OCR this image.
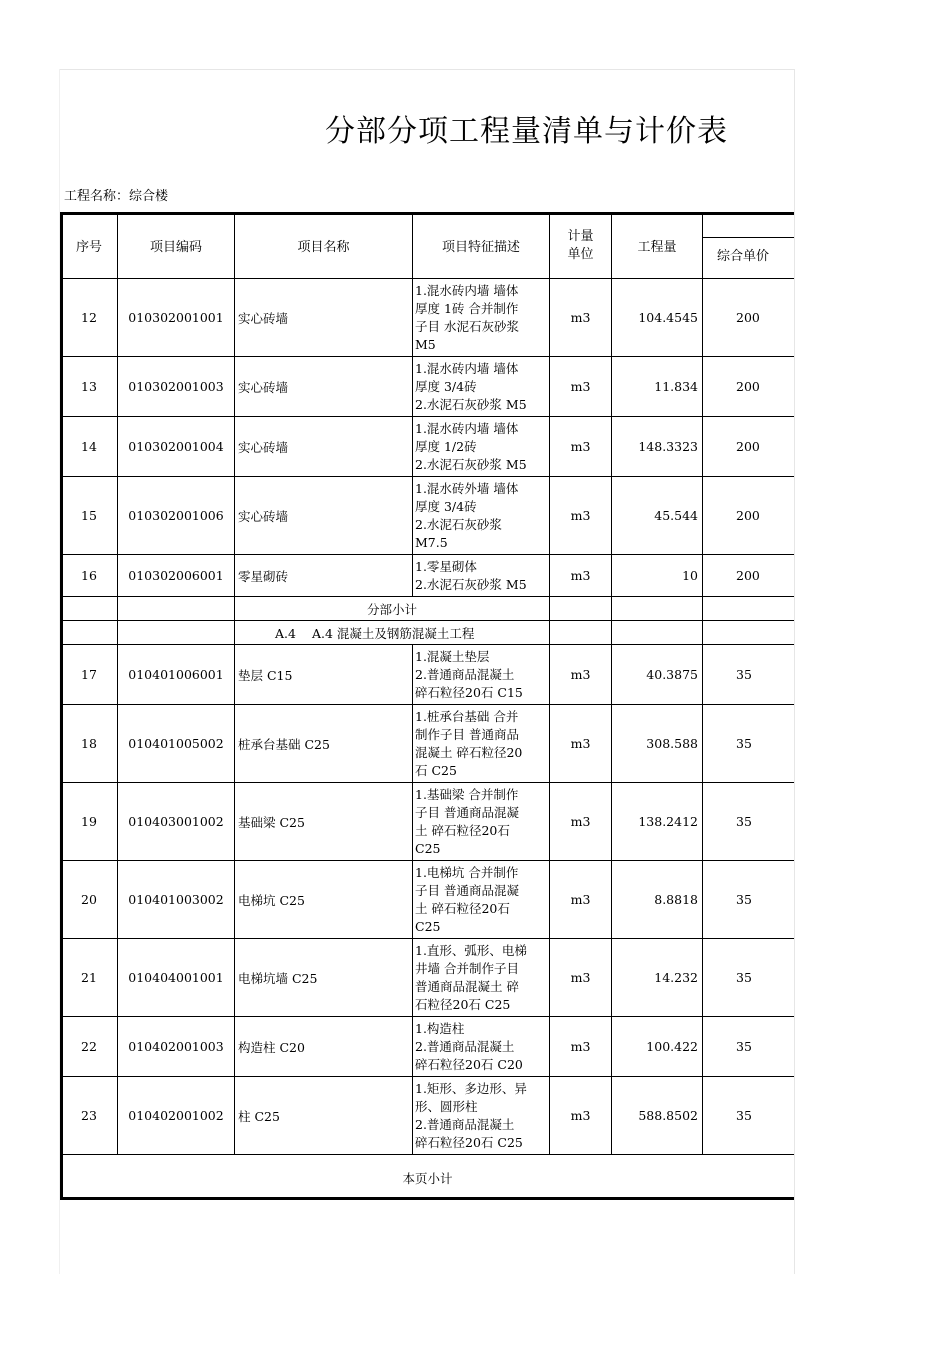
分部分项工程量清单与计价表
工程名称：综合楼
序号	项目编码	项目名称	项目特征描述	计量
单位	工程量	综合单价

12	010302001001	实心砖墙	1.混水砖内墙 墙体
厚度 1砖 合并制作
子目 水泥石灰砂浆
M5	m3	104.4545	200
13	010302001003	实心砖墙	1.混水砖内墙 墙体
厚度 3/4砖
2.水泥石灰砂浆 M5	m3	11.834	200
14	010302001004	实心砖墙	1.混水砖内墙 墙体
厚度 1/2砖
2.水泥石灰砂浆 M5	m3	148.3323	200
15	010302001006	实心砖墙	1.混水砖外墙 墙体
厚度 3/4砖
2.水泥石灰砂浆
M7.5	m3	45.544	200
16	010302006001	零星砌砖	1.零星砌体
2.水泥石灰砂浆 M5	m3	10	200
		分部小计				
		A.4 A.4 混凝土及钢筋混凝土工程				
17	010401006001	垫层 C15	1.混凝土垫层
2.普通商品混凝土
碎石粒径20石 C15	m3	40.3875	35
18	010401005002	桩承台基础 C25	1.桩承台基础 合并
制作子目 普通商品
混凝土 碎石粒径20
石 C25	m3	308.588	35
19	010403001002	基础梁 C25	1.基础梁 合并制作
子目 普通商品混凝
土 碎石粒径20石
C25	m3	138.2412	35
20	010401003002	电梯坑 C25	1.电梯坑 合并制作
子目 普通商品混凝
土 碎石粒径20石
C25	m3	8.8818	35
21	010404001001	电梯坑墙 C25	1.直形、弧形、电梯
井墙 合并制作子目
普通商品混凝土 碎
石粒径20石 C25	m3	14.232	35
22	010402001003	构造柱 C20	1.构造柱
2.普通商品混凝土
碎石粒径20石 C20	m3	100.422	35
23	010402001002	柱 C25	1.矩形、多边形、异
形、圆形柱
2.普通商品混凝土
碎石粒径20石 C25	m3	588.8502	35
本页小计						
